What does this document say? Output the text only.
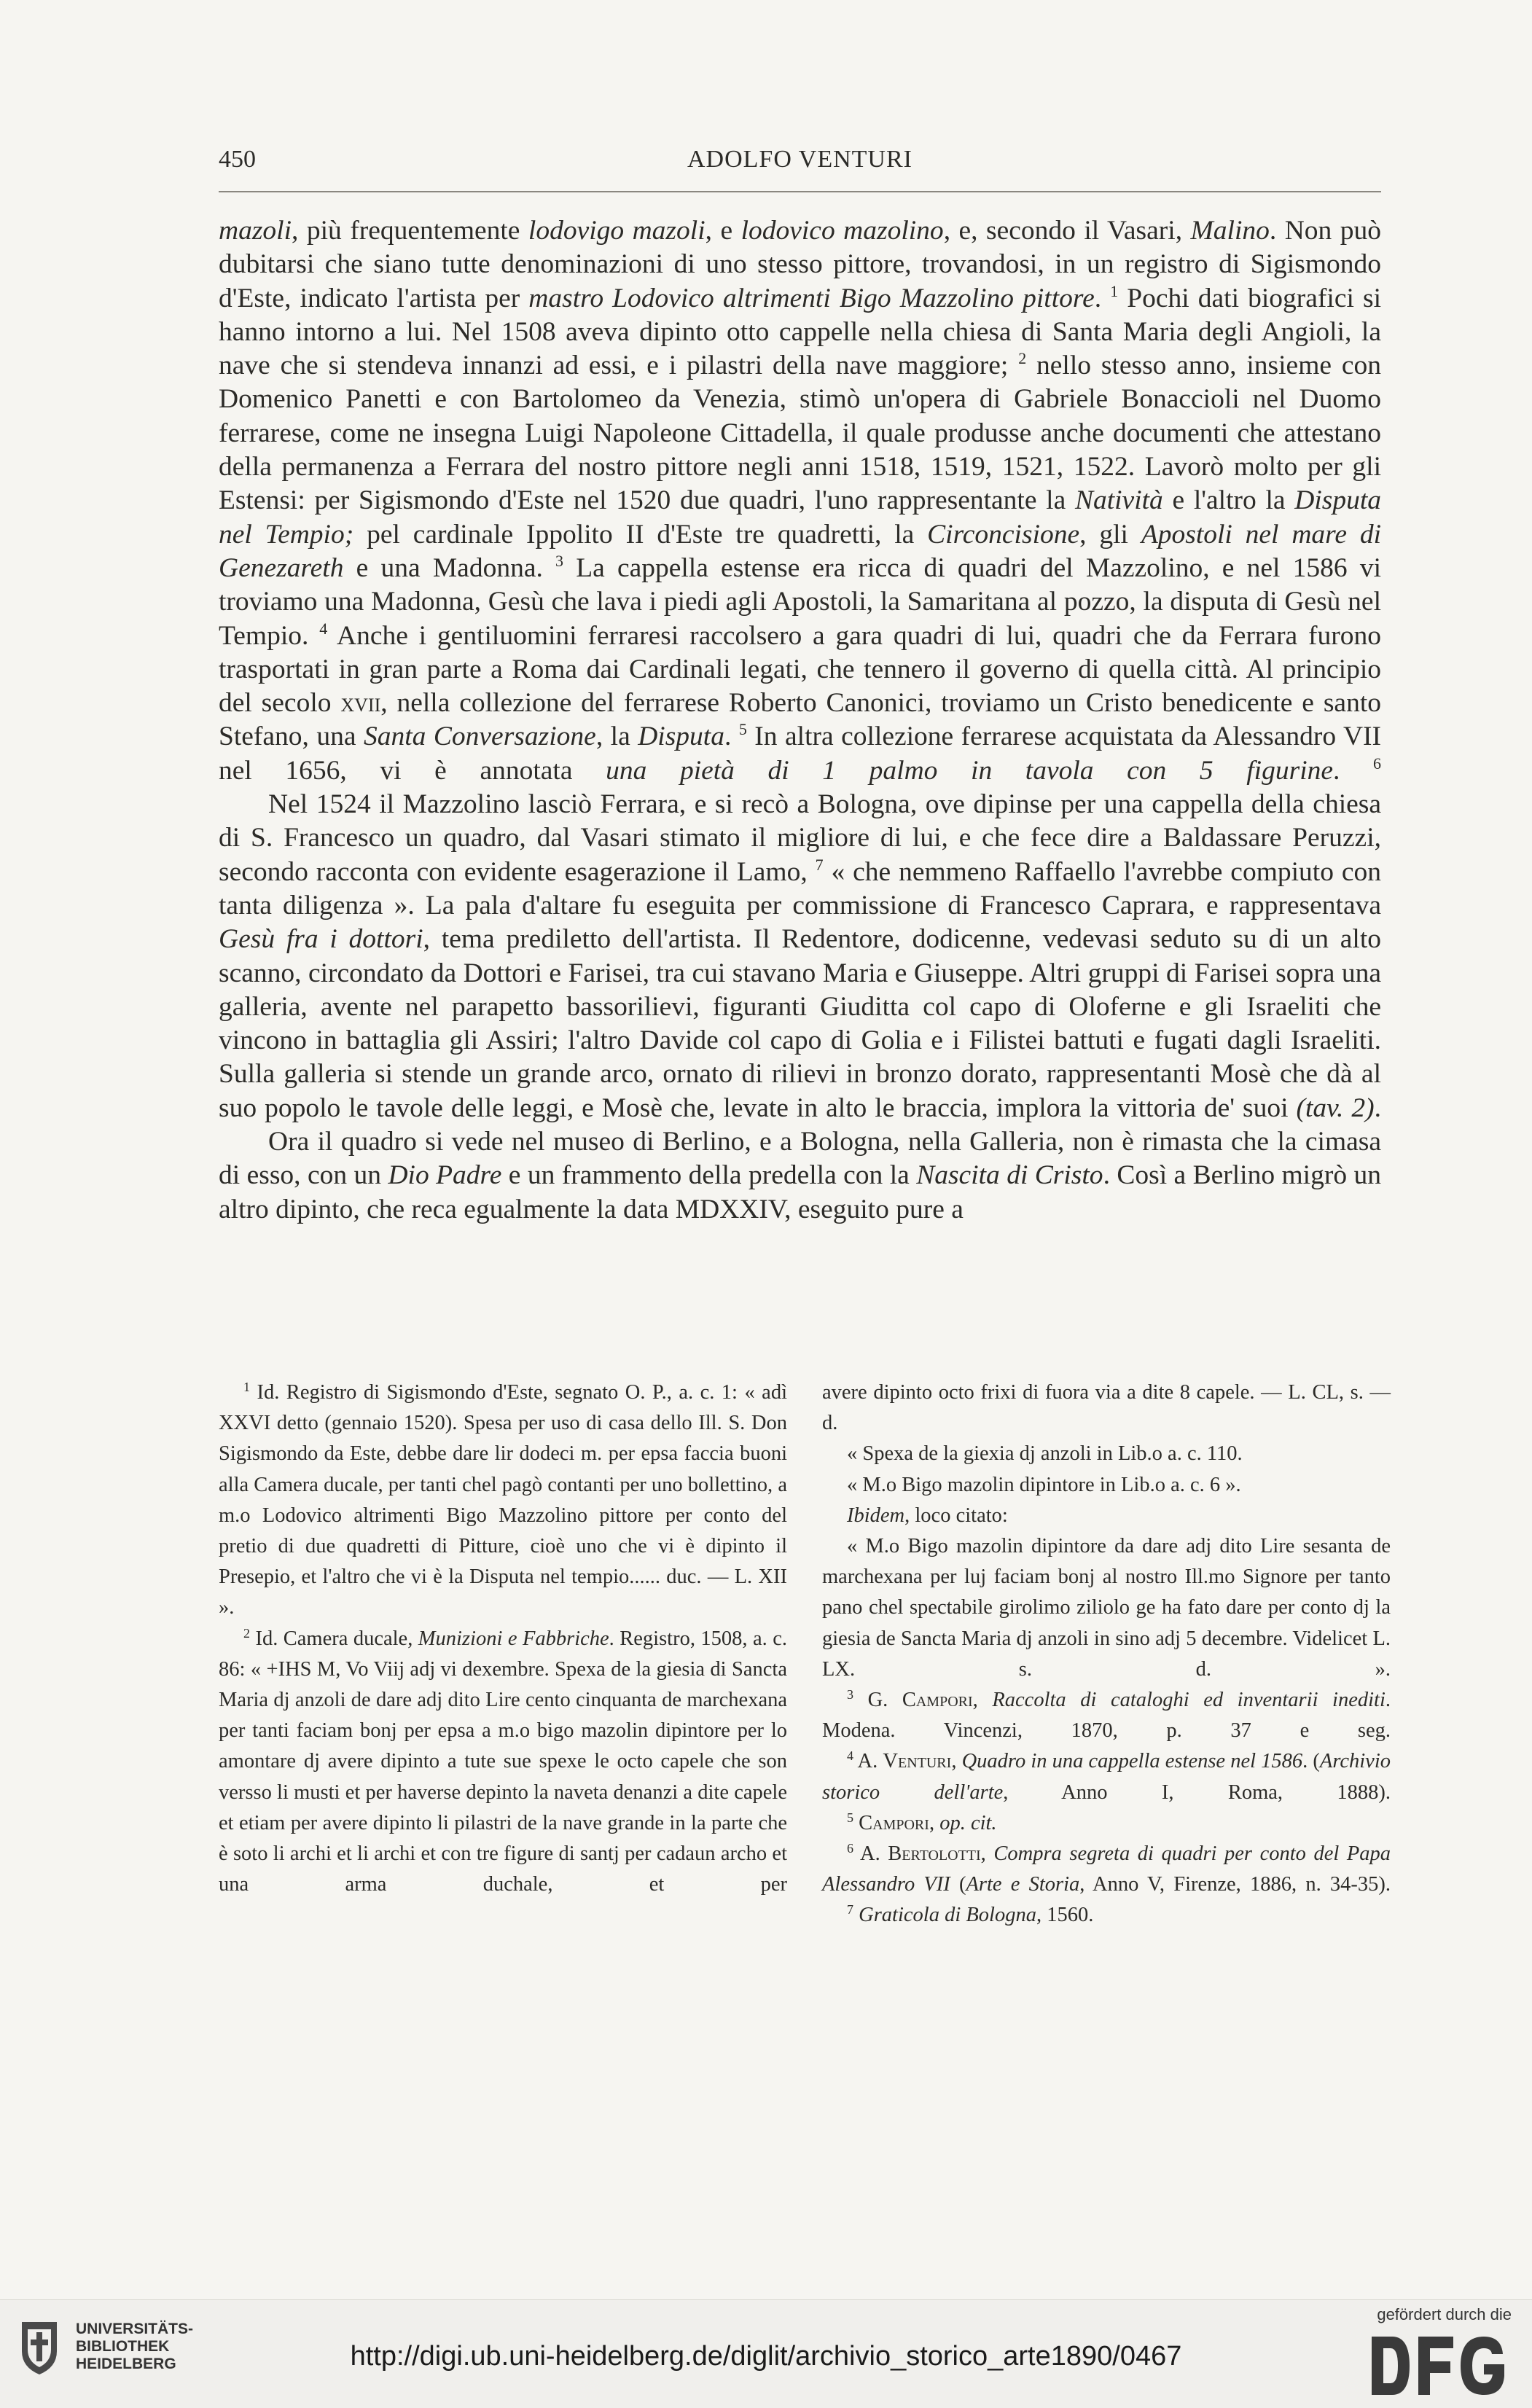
450	ADOLFO VENTURI

mazoli, più frequentemente lodovigo mazoli, e lodovico mazolino, e, secondo il Vasari, Malino. Non può dubitarsi che siano tutte denominazioni di uno stesso pittore, trovandosi, in un registro di Sigismondo d'Este, indicato l'artista per mastro Lodovico altrimenti Bigo Mazzolino pittore. $^1$ Pochi dati biografici si hanno intorno a lui. Nel 1508 aveva dipinto otto cappelle nella chiesa di Santa Maria degli Angioli, la nave che si stendeva innanzi ad essi, e i pilastri della nave maggiore; $^2$ nello stesso anno, insieme con Domenico Panetti e con Bartolomeo da Venezia, stimò un'opera di Gabriele Bonaccioli nel Duomo ferrarese, come ne insegna Luigi Napoleone Cittadella, il quale produsse anche documenti che attestano della permanenza a Ferrara del nostro pittore negli anni 1518, 1519, 1521, 1522. Lavorò molto per gli Estensi: per Sigismondo d'Este nel 1520 due quadri, l'uno rappresentante la Natività e l'altro la Disputa nel Tempio; pel cardinale Ippolito II d'Este tre quadretti, la Circoncisione, gli Apostoli nel mare di Genezareth e una Madonna. $^3$ La cappella estense era ricca di quadri del Mazzolino, e nel 1586 vi troviamo una Madonna, Gesù che lava i piedi agli Apostoli, la Samaritana al pozzo, la disputa di Gesù nel Tempio. $^4$ Anche i gentiluomini ferraresi raccolsero a gara quadri di lui, quadri che da Ferrara furono trasportati in gran parte a Roma dai Cardinali legati, che tennero il governo di quella città. Al principio del secolo xvii, nella collezione del ferrarese Roberto Canonici, troviamo un Cristo benedicente e santo Stefano, una Santa Conversazione, la Disputa. $^5$ In altra collezione ferrarese acquistata da Alessandro VII nel 1656, vi è annotata una pietà di 1 palmo in tavola con 5 figurine. $^6$

Nel 1524 il Mazzolino lasciò Ferrara, e si recò a Bologna, ove dipinse per una cappella della chiesa di S. Francesco un quadro, dal Vasari stimato il migliore di lui, e che fece dire a Baldassare Peruzzi, secondo racconta con evidente esagerazione il Lamo, $^7$ « che nemmeno Raffaello l'avrebbe compiuto con tanta diligenza ». La pala d'altare fu eseguita per commissione di Francesco Caprara, e rappresentava Gesù fra i dottori, tema prediletto dell'artista. Il Redentore, dodicenne, vedevasi seduto su di un alto scanno, circondato da Dottori e Farisei, tra cui stavano Maria e Giuseppe. Altri gruppi di Farisei sopra una galleria, avente nel parapetto bassorilievi, figuranti Giuditta col capo di Oloferne e gli Israeliti che vincono in battaglia gli Assiri; l'altro Davide col capo di Golia e i Filistei battuti e fugati dagli Israeliti. Sulla galleria si stende un grande arco, ornato di rilievi in bronzo dorato, rappresentanti Mosè che dà al suo popolo le tavole delle leggi, e Mosè che, levate in alto le braccia, implora la vittoria de' suoi (tav. 2).

Ora il quadro si vede nel museo di Berlino, e a Bologna, nella Galleria, non è rimasta che la cimasa di esso, con un Dio Padre e un frammento della predella con la Nascita di Cristo. Così a Berlino migrò un altro dipinto, che reca egualmente la data MDXXIV, eseguito pure a

$^1$ Id. Registro di Sigismondo d'Este, segnato O. P., a. c. 1: « adì XXVI detto (gennaio 1520). Spesa per uso di casa dello Ill. S. Don Sigismondo da Este, debbe dare lir dodeci m. per epsa faccia buoni alla Camera ducale, per tanti chel pagò contanti per uno bollettino, a m.o Lodovico altrimenti Bigo Mazzolino pittore per conto del pretio di due quadretti di Pitture, cioè uno che vi è dipinto il Presepio, et l'altro che vi è la Disputa nel tempio...... duc. — L. XII ».

$^2$ Id. Camera ducale, Munizioni e Fabbriche. Registro, 1508, a. c. 86: « +IHS M, Vo Viij adj vi dexembre. Spexa de la giesia di Sancta Maria dj anzoli de dare adj dito Lire cento cinquanta de marchexana per tanti faciam bonj per epsa a m.o bigo mazolin dipintore per lo amontare dj avere dipinto a tute sue spexe le octo capele che son versso li musti et per haverse depinto la naveta denanzi a dite capele et etiam per avere dipinto li pilastri de la nave grande in la parte che è soto li archi et li archi et con tre figure di santj per cadaun archo et una arma duchale, et per

avere dipinto octo frixi di fuora via a dite 8 capele. — L. CL, s. — d.

« Spexa de la giexia dj anzoli in Lib.o a. c. 110.

« M.o Bigo mazolin dipintore in Lib.o a. c. 6 ».

Ibidem, loco citato:

« M.o Bigo mazolin dipintore da dare adj dito Lire sesanta de marchexana per luj faciam bonj al nostro Ill.mo Signore per tanto pano chel spectabile girolimo ziliolo ge ha fato dare per conto dj la giesia de Sancta Maria dj anzoli in sino adj 5 decembre. Videlicet L. LX. s. d. ».

$^3$ G. Campori, Raccolta di cataloghi ed inventarii inediti. Modena. Vincenzi, 1870, p. 37 e seg.

$^4$ A. Venturi, Quadro in una cappella estense nel 1586. (Archivio storico dell'arte, Anno I, Roma, 1888).

$^5$ Campori, op. cit.

$^6$ A. Bertolotti, Compra segreta di quadri per conto del Papa Alessandro VII (Arte e Storia, Anno V, Firenze, 1886, n. 34-35).

$^7$ Graticola di Bologna, 1560.

UNIVERSITÄTS-
BIBLIOTHEK
HEIDELBERG	http://digi.ub.uni-heidelberg.de/diglit/archivio_storico_arte1890/0467
gefördert durch die
